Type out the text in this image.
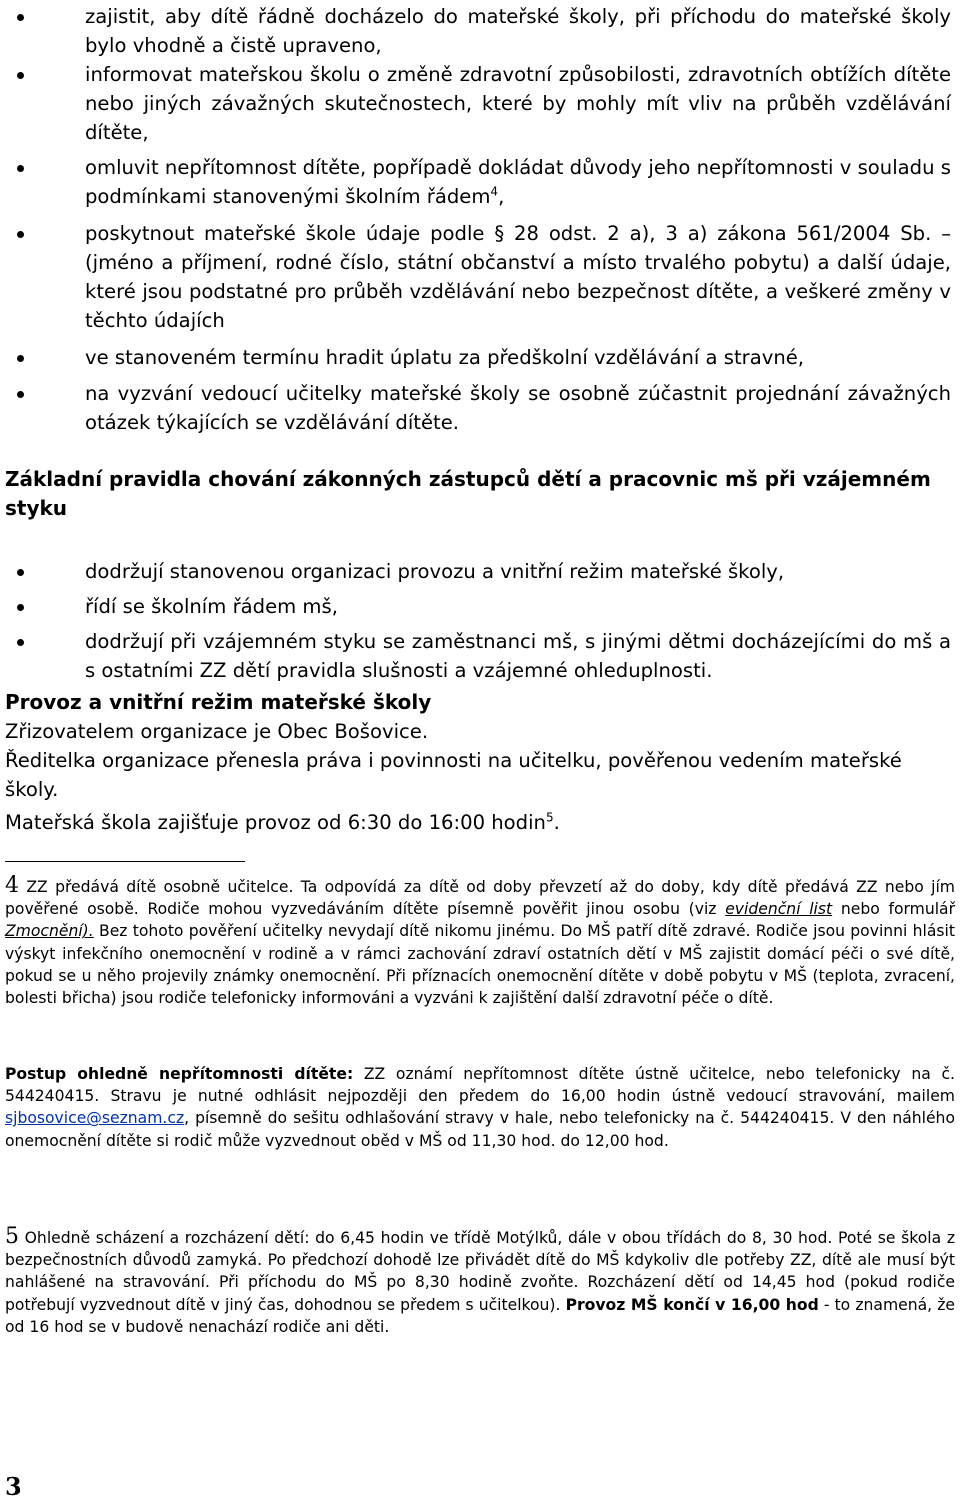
zajistit, aby dítě řádně docházelo do mateřské školy, při příchodu do mateřské školy bylo vhodně a čistě upraveno,
informovat mateřskou školu o změně zdravotní způsobilosti, zdravotních obtížích dítěte nebo jiných závažných skutečnostech, které by mohly mít vliv na průběh vzdělávání dítěte,
omluvit nepřítomnost dítěte, popřípadě dokládat důvody jeho nepřítomnosti v souladu s podmínkami stanovenými školním řádem$^4$,
poskytnout mateřské škole údaje podle § 28 odst. 2 a), 3 a) zákona 561/2004 Sb. – (jméno a příjmení, rodné číslo, státní občanství a místo trvalého pobytu) a další údaje, které jsou podstatné pro průběh vzdělávání nebo bezpečnost dítěte, a veškeré změny v těchto údajích
ve stanoveném termínu hradit úplatu za předškolní vzdělávání a stravné,
na vyzvání vedoucí učitelky mateřské školy se osobně zúčastnit projednání závažných otázek týkajících se vzdělávání dítěte.
Základní pravidla chování zákonných zástupců dětí a pracovnic mš při vzájemném styku
dodržují stanovenou organizaci provozu a vnitřní režim mateřské školy,
řídí se školním řádem mš,
dodržují při vzájemném styku se zaměstnanci mš, s jinými dětmi docházejícími do mš a s ostatními ZZ dětí pravidla slušnosti a vzájemné ohleduplnosti.
Provoz a vnitřní režim mateřské školy
Zřizovatelem organizace je Obec Bošovice.
Ředitelka organizace přenesla práva i povinnosti na učitelku, pověřenou vedením mateřské školy.
Mateřská škola zajišťuje provoz od 6:30 do 16:00 hodin$^5$.
4 ZZ předává dítě osobně učitelce. Ta odpovídá za dítě od doby převzetí až do doby, kdy dítě předává ZZ nebo jím pověřené osobě. Rodiče mohou vyzvedáváním dítěte písemně pověřit jinou osobu (viz evidenční list nebo formulář Zmocnění). Bez tohoto pověření učitelky nevydají dítě nikomu jinému. Do MŠ patří dítě zdravé. Rodiče jsou povinni hlásit výskyt infekčního onemocnění v rodině a v rámci zachování zdraví ostatních dětí v MŠ zajistit domácí péči o své dítě, pokud se u něho projevily známky onemocnění. Při příznacích onemocnění dítěte v době pobytu v MŠ (teplota, zvracení, bolesti břicha) jsou rodiče telefonicky informováni a vyzváni k zajištění další zdravotní péče o dítě.
Postup ohledně nepřítomnosti dítěte: ZZ oznámí nepřítomnost dítěte ústně učitelce, nebo telefonicky na č. 544240415. Stravu je nutné odhlásit nejpozději den předem do 16,00 hodin ústně vedoucí stravování, mailem sjbosovice@seznam.cz, písemně do sešitu odhlašování stravy v hale, nebo telefonicky na č. 544240415. V den náhlého onemocnění dítěte si rodič může vyzvednout oběd v MŠ od 11,30 hod. do 12,00 hod.
5 Ohledně scházení a rozcházení dětí: do 6,45 hodin ve třídě Motýlků, dále v obou třídách do 8, 30 hod. Poté se škola z bezpečnostních důvodů zamyká. Po předchozí dohodě lze přivádět dítě do MŠ kdykoliv dle potřeby ZZ, dítě ale musí být nahlášené na stravování. Při příchodu do MŠ po 8,30 hodině zvoňte. Rozcházení dětí od 14,45 hod (pokud rodiče potřebují vyzvednout dítě v jiný čas, dohodnou se předem s učitelkou). Provoz MŠ končí v 16,00 hod - to znamená, že od 16 hod se v budově nenachází rodiče ani děti.
3
